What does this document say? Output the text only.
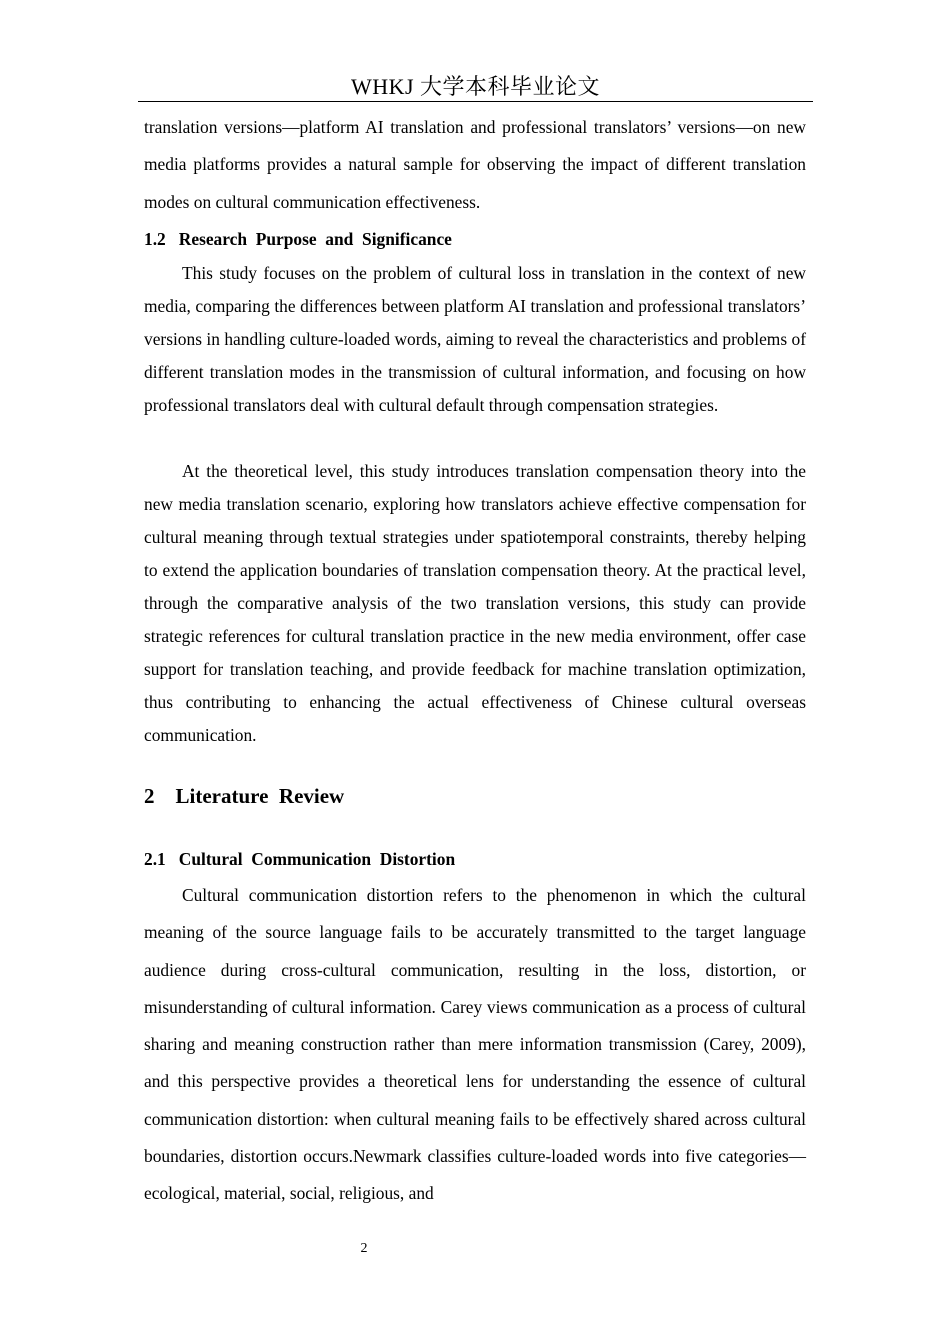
WHKJ 大学本科毕业论文

translation versions—platform AI translation and professional translators’ versions—on new media platforms provides a natural sample for observing the impact of different translation modes on cultural communication effectiveness.

1.2 Research  Purpose  and  Significance

This study focuses on the problem of cultural loss in translation in the context of new media, comparing the differences between platform AI translation and professional translators’ versions in handling culture-loaded words, aiming to reveal the characteristics and problems of different translation modes in the transmission of cultural information, and focusing on how professional translators deal with cultural default through compensation strategies.

At the theoretical level, this study introduces translation compensation theory into the new media translation scenario, exploring how translators achieve effective compensation for cultural meaning through textual strategies under spatiotemporal constraints, thereby helping to extend the application boundaries of translation compensation theory. At the practical level, through the comparative analysis of the two translation versions, this study can provide strategic references for cultural translation practice in the new media environment, offer case support for translation teaching, and provide feedback for machine translation optimization, thus contributing to enhancing the actual effectiveness of Chinese cultural overseas communication.

2 Literature  Review
2.1 Cultural  Communication  Distortion

Cultural communication distortion refers to the phenomenon in which the cultural meaning of the source language fails to be accurately transmitted to the target language audience during cross-cultural communication, resulting in the loss, distortion, or misunderstanding of cultural information. Carey views communication as a process of cultural sharing and meaning construction rather than mere information transmission (Carey, 2009), and this perspective provides a theoretical lens for understanding the essence of cultural communication distortion: when cultural meaning fails to be effectively shared across cultural boundaries, distortion occurs.Newmark classifies culture-loaded words into five categories—ecological, material, social, religious, and

2
